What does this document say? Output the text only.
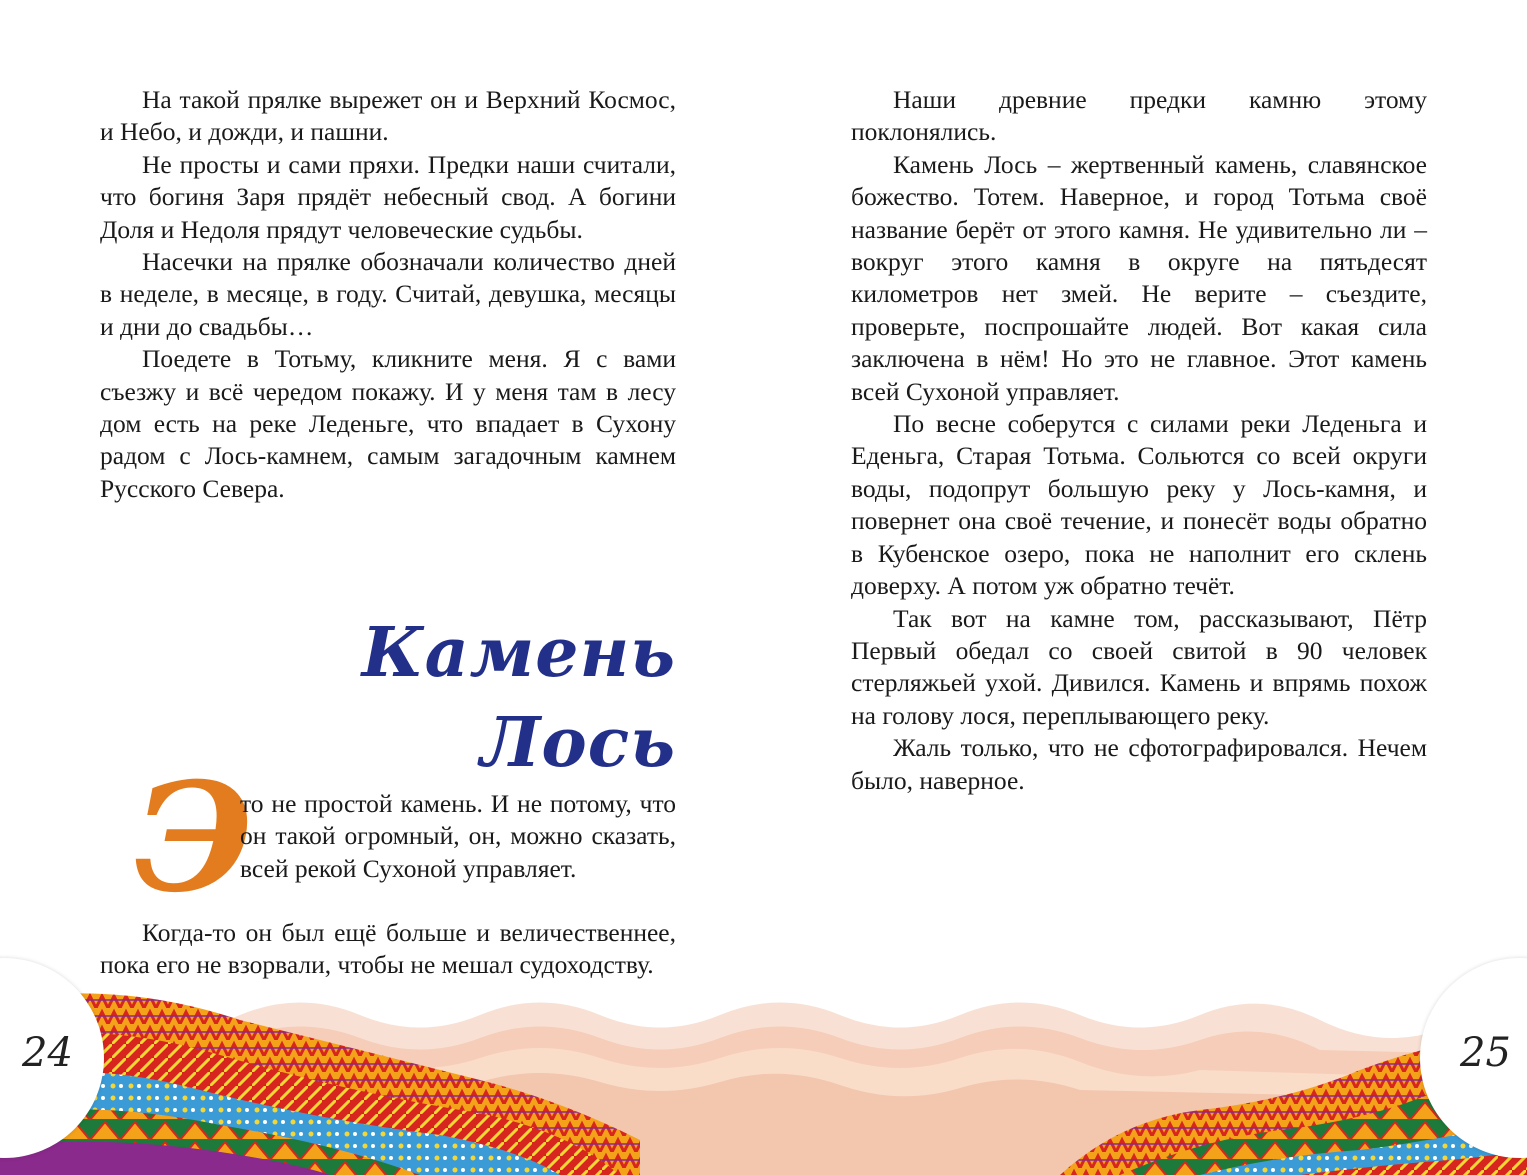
На такой прялке вырежет он и Верхний Космос, и Небо, и дожди, и пашни.

Не просты и сами пряхи. Предки наши считали, что богиня Заря прядёт небесный свод. А богини Доля и Недоля прядут человеческие судьбы.

Насечки на прялке обозначали количество дней в неделе, в месяце, в году. Считай, девушка, месяцы и дни до свадьбы…

Поедете в Тотьму, кликните меня. Я с вами съезжу и всё чередом покажу. И у меня там в лесу дом есть на реке Леденьге, что впадает в Сухону радом с Лось-камнем, самым загадочным камнем Русского Севера.

Камень Лось
Э

то не простой камень. И не потому, что он такой огромный, он, можно сказать, всей рекой Сухоной управляет.

Когда-то он был ещё больше и величественнее, пока его не взорвали, чтобы не мешал судоходству.

Наши древние предки камню этому поклонялись.

Камень Лось – жертвенный камень, славянское божество. Тотем. Наверное, и город Тотьма своё название берёт от этого камня. Не удивительно ли – вокруг этого камня в округе на пятьдесят километров нет змей. Не верите – съездите, проверьте, поспрошайте людей. Вот какая сила заключена в нём! Но это не главное. Этот камень всей Сухоной управляет.

По весне соберутся с силами реки Леденьга и Еденьга, Старая Тотьма. Сольются со всей округи воды, подопрут большую реку у Лось-камня, и повернет она своё течение, и понесёт воды обратно в Кубенское озеро, пока не наполнит его склень доверху. А потом уж обратно течёт.

Так вот на камне том, рассказывают, Пётр Первый обедал со своей свитой в 90 человек стерляжьей ухой. Дивился. Камень и впрямь похож на голову лося, переплывающего реку.

Жаль только, что не сфотографировался. Нечем было, наверное.

24	25
